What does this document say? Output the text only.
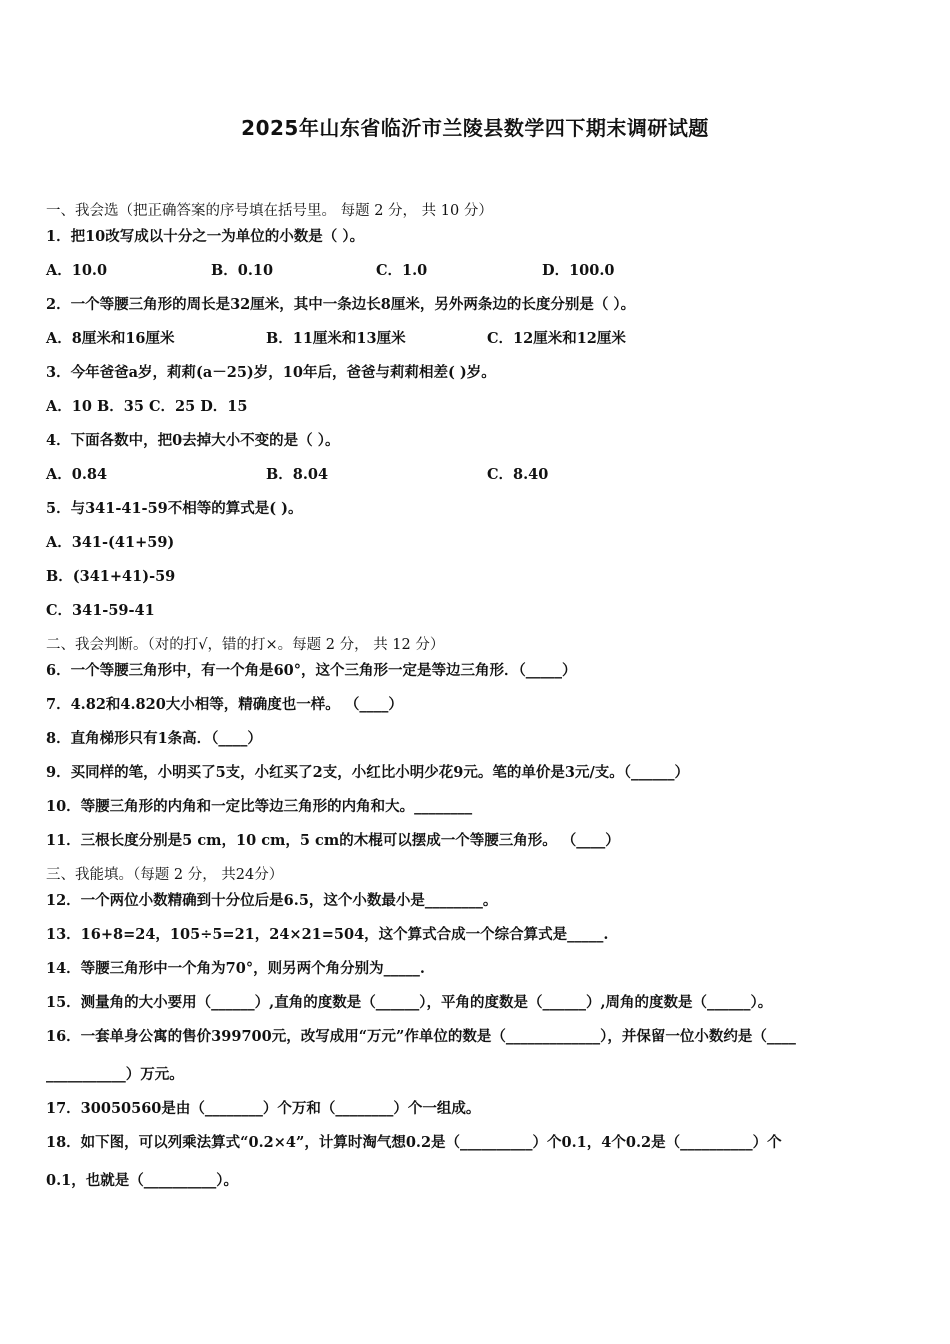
2025年山东省临沂市兰陵县数学四下期末调研试题
一、我会选（把正确答案的序号填在括号里。 每题 2 分， 共 10 分）
1．把10改写成以十分之一为单位的小数是（ ）。
A．10.0	B．0.10	C．1.0	D．100.0
2．一个等腰三角形的周长是32厘米，其中一条边长8厘米，另外两条边的长度分别是（ ）。
A．8厘米和16厘米	B．11厘米和13厘米	C．12厘米和12厘米
3．今年爸爸a岁，莉莉(a－25)岁，10年后，爸爸与莉莉相差( )岁。
A．10 B．35 C．25 D．15
4．下面各数中，把0去掉大小不变的是（ ）。
A．0.84	B．8.04	C．8.40
5．与341-41-59不相等的算式是( )。
A．341-(41+59)
B．(341+41)-59
C．341-59-41
二、我会判断。（对的打√，错的打×。每题 2 分， 共 12 分）
6．一个等腰三角形中，有一个角是60°，这个三角形一定是等边三角形．（_____）
7．4.82和4.820大小相等，精确度也一样。 （____）
8．直角梯形只有1条高．（____）
9．买同样的笔，小明买了5支，小红买了2支，小红比小明少花9元。笔的单价是3元/支。（______）
10．等腰三角形的内角和一定比等边三角形的内角和大。________
11．三根长度分别是5 cm，10 cm，5 cm的木棍可以摆成一个等腰三角形。 （____）
三、我能填。（每题 2 分， 共24分）
12．一个两位小数精确到十分位后是6.5，这个小数最小是________。
13．16+8=24，105÷5=21，24×21=504，这个算式合成一个综合算式是_____.
14．等腰三角形中一个角为70°，则另两个角分别为_____.
15．测量角的大小要用（______）,直角的度数是（______），平角的度数是（______）,周角的度数是（______）。
16．一套单身公寓的售价399700元，改写成用“万元”作单位的数是（_____________），并保留一位小数约是（____
___________）万元。
17．30050560是由（________）个万和（________）个一组成。
18．如下图，可以列乘法算式“0.2×4”，计算时淘气想0.2是（__________）个0.1，4个0.2是（__________）个
0.1，也就是（__________）。
